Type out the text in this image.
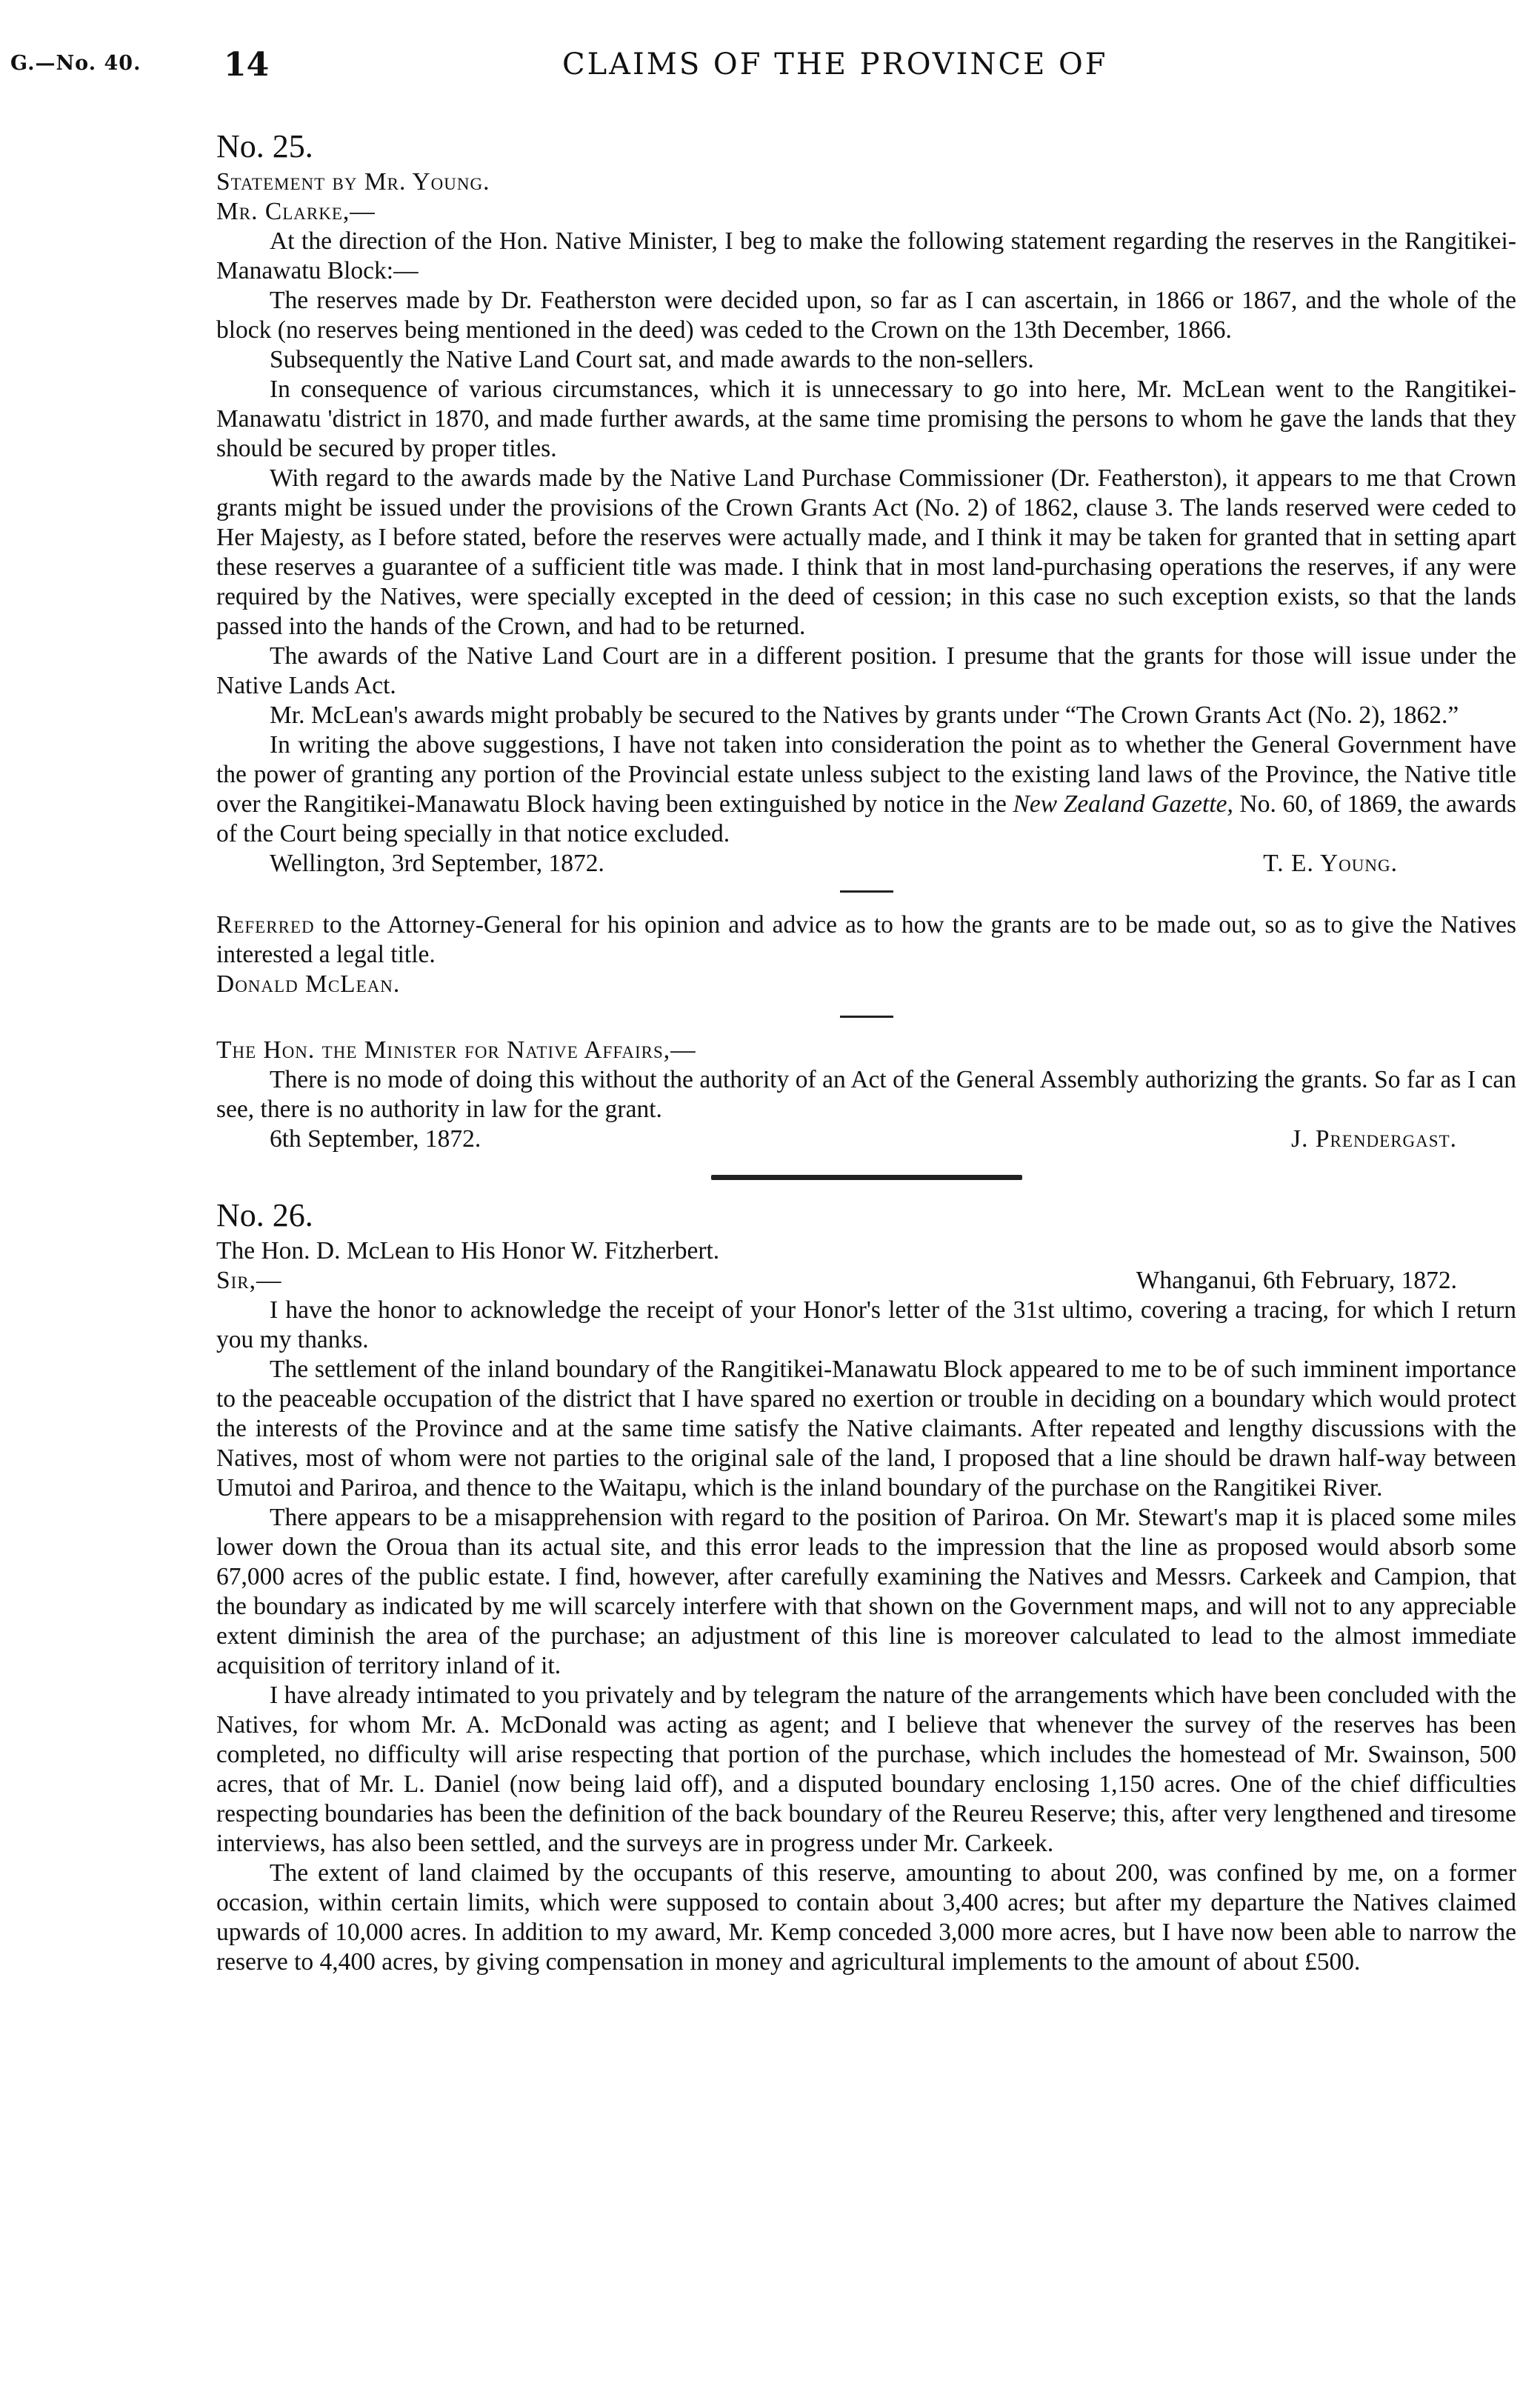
G.—No. 40.	14	CLAIMS OF THE PROVINCE OF

No. 25.

Statement by Mr. Young.

Mr. Clarke,—

At the direction of the Hon. Native Minister, I beg to make the following statement regarding the reserves in the Rangitikei-Manawatu Block:—

The reserves made by Dr. Featherston were decided upon, so far as I can ascertain, in 1866 or 1867, and the whole of the block (no reserves being mentioned in the deed) was ceded to the Crown on the 13th December, 1866.

Subsequently the Native Land Court sat, and made awards to the non-sellers.

In consequence of various circumstances, which it is unnecessary to go into here, Mr. McLean went to the Rangitikei-Manawatu 'district in 1870, and made further awards, at the same time promising the persons to whom he gave the lands that they should be secured by proper titles.

With regard to the awards made by the Native Land Purchase Commissioner (Dr. Featherston), it appears to me that Crown grants might be issued under the provisions of the Crown Grants Act (No. 2) of 1862, clause 3. The lands reserved were ceded to Her Majesty, as I before stated, before the reserves were actually made, and I think it may be taken for granted that in setting apart these reserves a guarantee of a sufficient title was made. I think that in most land-purchasing operations the reserves, if any were required by the Natives, were specially excepted in the deed of cession; in this case no such exception exists, so that the lands passed into the hands of the Crown, and had to be returned.

The awards of the Native Land Court are in a different position. I presume that the grants for those will issue under the Native Lands Act.

Mr. McLean's awards might probably be secured to the Natives by grants under “The Crown Grants Act (No. 2), 1862.”

In writing the above suggestions, I have not taken into consideration the point as to whether the General Government have the power of granting any portion of the Provincial estate unless subject to the existing land laws of the Province, the Native title over the Rangitikei-Manawatu Block having been extinguished by notice in the New Zealand Gazette, No. 60, of 1869, the awards of the Court being specially in that notice excluded.

Wellington, 3rd September, 1872.	T. E. Young.

Referred to the Attorney-General for his opinion and advice as to how the grants are to be made out, so as to give the Natives interested a legal title.

Donald McLean.

The Hon. the Minister for Native Affairs,—

There is no mode of doing this without the authority of an Act of the General Assembly authorizing the grants. So far as I can see, there is no authority in law for the grant.

6th September, 1872.	J. Prendergast.

No. 26.

The Hon. D. McLean to His Honor W. Fitzherbert.

Sir,—	Whanganui, 6th February, 1872.

I have the honor to acknowledge the receipt of your Honor's letter of the 31st ultimo, covering a tracing, for which I return you my thanks.

The settlement of the inland boundary of the Rangitikei-Manawatu Block appeared to me to be of such imminent importance to the peaceable occupation of the district that I have spared no exertion or trouble in deciding on a boundary which would protect the interests of the Province and at the same time satisfy the Native claimants. After repeated and lengthy discussions with the Natives, most of whom were not parties to the original sale of the land, I proposed that a line should be drawn half-way between Umutoi and Pariroa, and thence to the Waitapu, which is the inland boundary of the purchase on the Rangitikei River.

There appears to be a misapprehension with regard to the position of Pariroa. On Mr. Stewart's map it is placed some miles lower down the Oroua than its actual site, and this error leads to the impression that the line as proposed would absorb some 67,000 acres of the public estate. I find, however, after carefully examining the Natives and Messrs. Carkeek and Campion, that the boundary as indicated by me will scarcely interfere with that shown on the Government maps, and will not to any appreciable extent diminish the area of the purchase; an adjustment of this line is moreover calculated to lead to the almost immediate acquisition of territory inland of it.

I have already intimated to you privately and by telegram the nature of the arrangements which have been concluded with the Natives, for whom Mr. A. McDonald was acting as agent; and I believe that whenever the survey of the reserves has been completed, no difficulty will arise respecting that portion of the purchase, which includes the homestead of Mr. Swainson, 500 acres, that of Mr. L. Daniel (now being laid off), and a disputed boundary enclosing 1,150 acres. One of the chief difficulties respecting boundaries has been the definition of the back boundary of the Reureu Reserve; this, after very lengthened and tiresome interviews, has also been settled, and the surveys are in progress under Mr. Carkeek.

The extent of land claimed by the occupants of this reserve, amounting to about 200, was confined by me, on a former occasion, within certain limits, which were supposed to contain about 3,400 acres; but after my departure the Natives claimed upwards of 10,000 acres. In addition to my award, Mr. Kemp conceded 3,000 more acres, but I have now been able to narrow the reserve to 4,400 acres, by giving compensation in money and agricultural implements to the amount of about £500.
